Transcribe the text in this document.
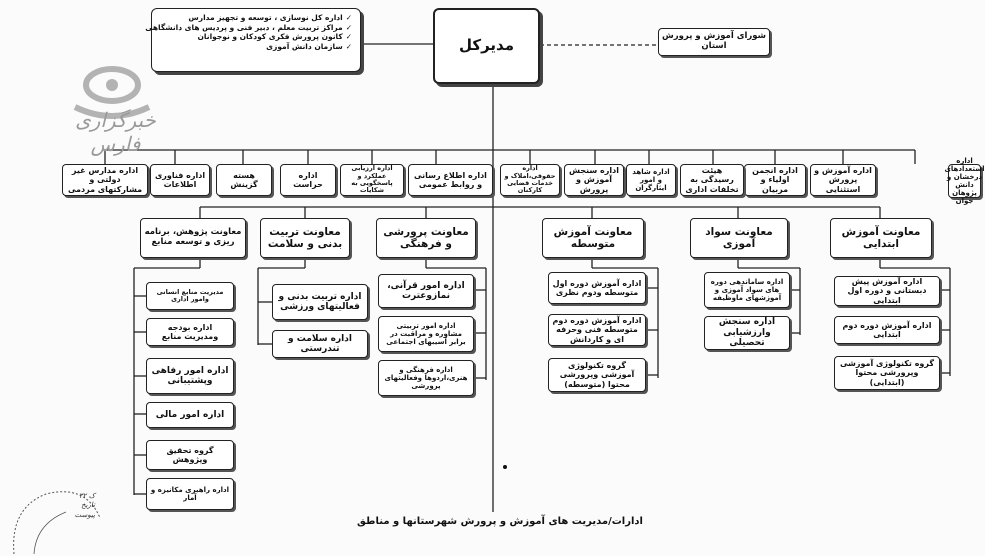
خبرگزاری فارس
✓اداره کل نوسازی ، توسعه و تجهیز مدارس
✓مراکز تربیت معلم ، دبیر فنی و پردیس های دانشگاهی
✓کانون پرورش فکری کودکان و نوجوانان
✓سازمان دانش آموزی	مدیرکل
شورای آموزش و پرورش استان
اداره استعدادهای درخشان و دانش پژوهان جوان
اداره آموزش و پرورش استثنایی
اداره انجمن اولیاء و مربیان
هیئت رسیدگی به تخلفات اداری
اداره شاهد و امور ایثارگران
اداره سنجش آموزش و پرورش
اداره حقوقی،املاک و خدمات قضایی کارکنان
اداره اطلاع رسانی و روابط عمومی
اداره ارزیابی عملکرد و پاسخگویی به شکایات
اداره حراست
هسته گزینش
اداره فناوری اطلاعات
اداره مدارس غیر دولتی و مشارکتهای مردمی
معاونت آموزش ابتدایی
معاونت سواد آموزی
معاونت آموزش متوسطه
معاونت پرورشی و فرهنگی
معاونت تربیت بدنی و سلامت
معاونت پژوهش، برنامه ریزی و توسعه منابع
اداره آموزش پیش دبستانی و دوره اول ابتدایی
اداره آموزش دوره دوم ابتدایی
گروه تکنولوژی آموزشی وپرورشی محتوا (ابتدایی)
اداره ساماندهی دوره های سواد آموزی و آموزشهای ماوظیفه
اداره سنجش وارزشیابی تحصیلی
اداره آموزش دوره اول متوسطه ودوم نظری
اداره آموزش دوره دوم متوسطه فنی وحرفه ای و کاردانش
گروه تکنولوژی آموزشی وپرورشی محتوا (متوسطه)
اداره امور قرآنی، نمازوعترت
اداره امور تربیتی مشاوره و مراقبت در برابر آسیبهای اجتماعی
اداره فرهنگی و هنری،اردوها وفعالیتهای پرورشی
اداره تربیت بدنی و فعالیتهای ورزشی
اداره سلامت و تندرستی
مدیریت منابع انسانی وامور اداری
اداره بودجه ومدیریت منابع
اداره امور رفاهی وپشتیبانی
اداره امور مالی
گروه تحقیق وپژوهش
اداره راهبری مکانیزه و آمار
ادارات/مدیریت های آموزش و پرورش شهرستانها و مناطق
ک ۳۲
تاریخ
پیوست
